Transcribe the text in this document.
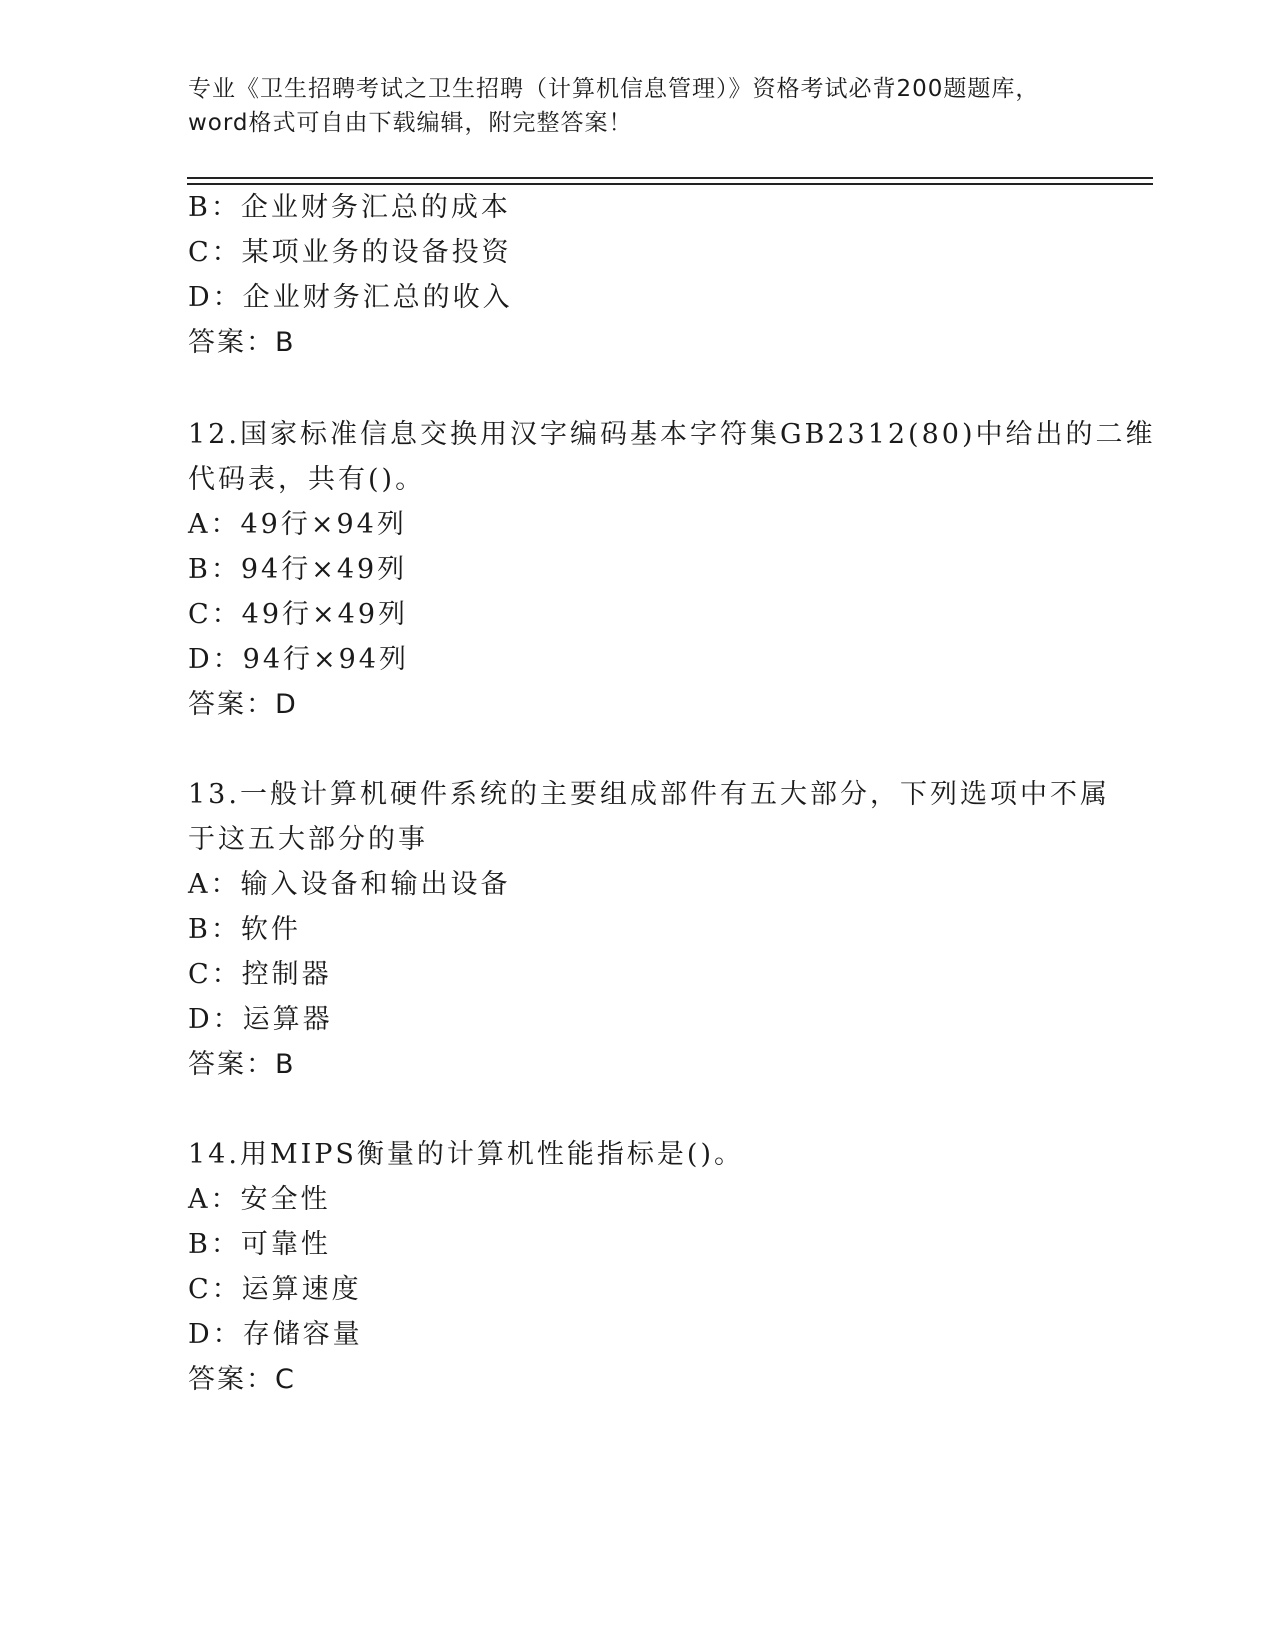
专业《卫生招聘考试之卫生招聘（计算机信息管理）》资格考试必背200题题库，
word格式可自由下载编辑，附完整答案！
B：企业财务汇总的成本
C：某项业务的设备投资
D：企业财务汇总的收入
答案：B
12.国家标准信息交换用汉字编码基本字符集GB2312(80)中给出的二维
代码表，共有()。
A：49行×94列
B：94行×49列
C：49行×49列
D：94行×94列
答案：D
13.一般计算机硬件系统的主要组成部件有五大部分，下列选项中不属
于这五大部分的事
A：输入设备和输出设备
B：软件
C：控制器
D：运算器
答案：B
14.用MIPS衡量的计算机性能指标是()。
A：安全性
B：可靠性
C：运算速度
D：存储容量
答案：C
